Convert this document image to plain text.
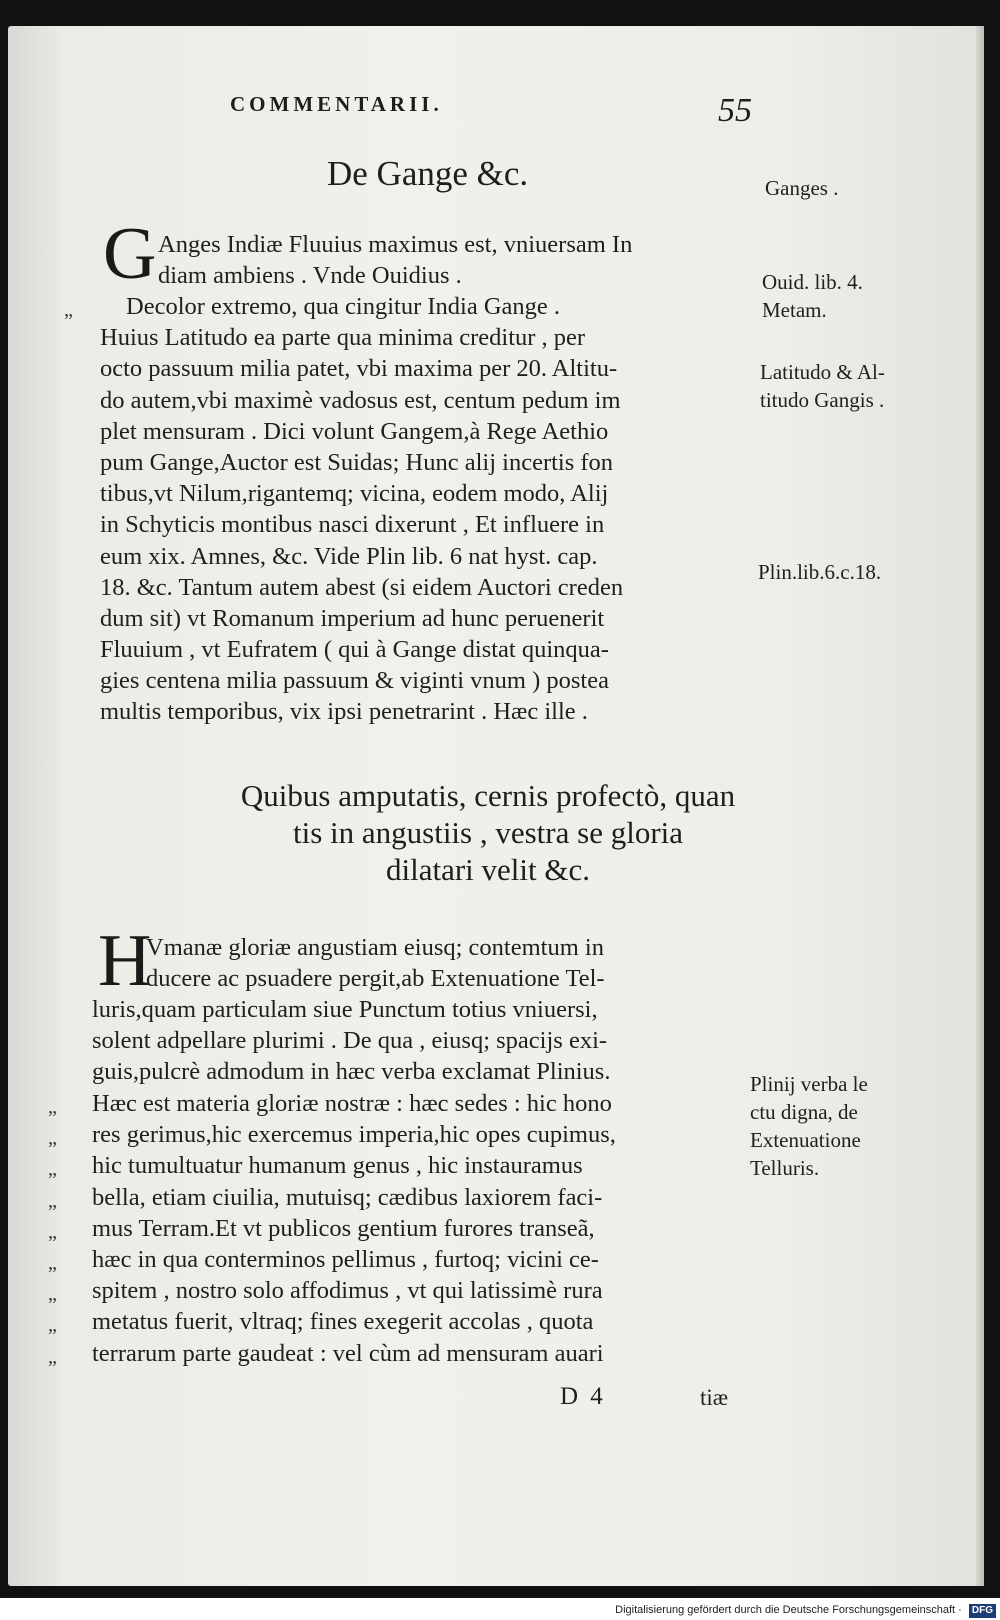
COMMENTARII.	55
De Gange &c.
G Anges Indiæ Fluuius maximus est, vniuersam In
diam ambiens . Vnde Ouidius .
„ Decolor extremo, qua cingitur India Gange .
Huius Latitudo ea parte qua minima creditur , per
octo passuum milia patet, vbi maxima per 20. Altitu-
do autem,vbi maximè vadosus est, centum pedum im
plet mensuram . Dici volunt Gangem,à Rege Aethio
pum Gange,Auctor est Suidas; Hunc alij incertis fon
tibus,vt Nilum,rigantemq; vicina, eodem modo, Alij
in Schyticis montibus nasci dixerunt , Et influere in
eum xix. Amnes, &c. Vide Plin lib. 6 nat hyst. cap.
18. &c. Tantum autem abest (si eidem Auctori creden
dum sit) vt Romanum imperium ad hunc peruenerit
Fluuium , vt Eufratem ( qui à Gange distat quinqua-
gies centena milia passuum & viginti vnum ) postea
multis temporibus, vix ipsi penetrarint . Hæc ille .
Quibus amputatis, cernis profectò, quan
tis in angustiis , vestra se gloria
dilatari velit &c.
H
Vmanæ gloriæ angustiam eiusq; contemtum in
ducere ac psuadere pergit,ab Extenuatione Tel-
luris,quam particulam siue Punctum totius vniuersi,
solent adpellare plurimi . De qua , eiusq; spacijs exi-
guis,pulcrè admodum in hæc verba exclamat Plinius.
„ Hæc est materia gloriæ nostræ : hæc sedes : hic hono
„ res gerimus,hic exercemus imperia,hic opes cupimus,
„ hic tumultuatur humanum genus , hic instauramus
„ bella, etiam ciuilia, mutuisq; cædibus laxiorem faci-
„ mus Terram.Et vt publicos gentium furores transeã,
„ hæc in qua conterminos pellimus , furtoq; vicini ce-
„ spitem , nostro solo affodimus , vt qui latissimè rura
„ metatus fuerit, vltraq; fines exegerit accolas , quota
„ terrarum parte gaudeat : vel cùm ad mensuram auari
Ganges .
Ouid. lib. 4.
Metam.
Latitudo & Al-
titudo Gangis .
Plin.lib.6.c.18.
Plinij verba le
ctu digna, de
Extenuatione
Telluris.
D 4	tiæ
Digitalisierung gefördert durch die Deutsche Forschungsgemeinschaft · DFG
